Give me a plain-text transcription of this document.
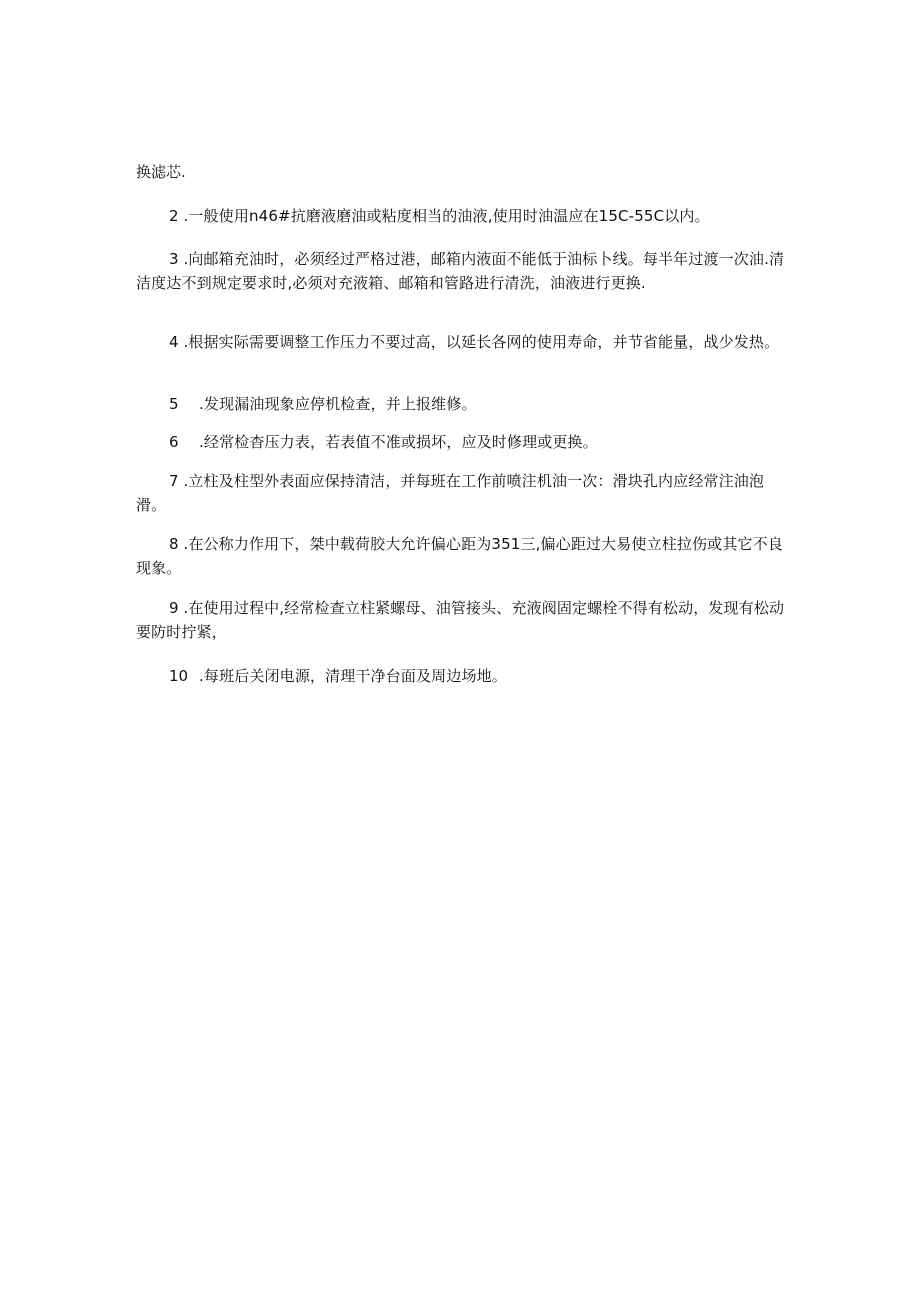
换滤芯.
2 .一般使用n46#抗磨液磨油或粘度相当的油液,使用时油温应在15C-55C以内。
3 .向邮箱充油时，必须经过严格过港，邮箱内液面不能低于油标卜线。每半年过渡一次油.清洁度达不到规定要求时,必须对充液箱、邮箱和管路进行清洗，油液进行更换.
4 .根据实际需要调整工作压力不要过高，以延长各网的使用寿命，并节省能量，战少发热。
5 .发现漏油现象应停机检查，并上报维修。
6 .经常检杳压力表，若表值不准或损坏，应及时修理或更换。
7 .立柱及柱型外表面应保持清洁，并每班在工作前喷注机油一次：滑块孔内应经常注油泡滑。
8 .在公称力作用下，桀中载荷胶大允许偏心距为351三,偏心距过大易使立柱拉伤或其它不良现象。
9 .在使用过程中,经常检查立柱紧螺母、油管接头、充液阀固定螺栓不得有松动，发现有松动要防时拧紧，
10 .每班后关闭电源，清理干净台面及周边场地。
